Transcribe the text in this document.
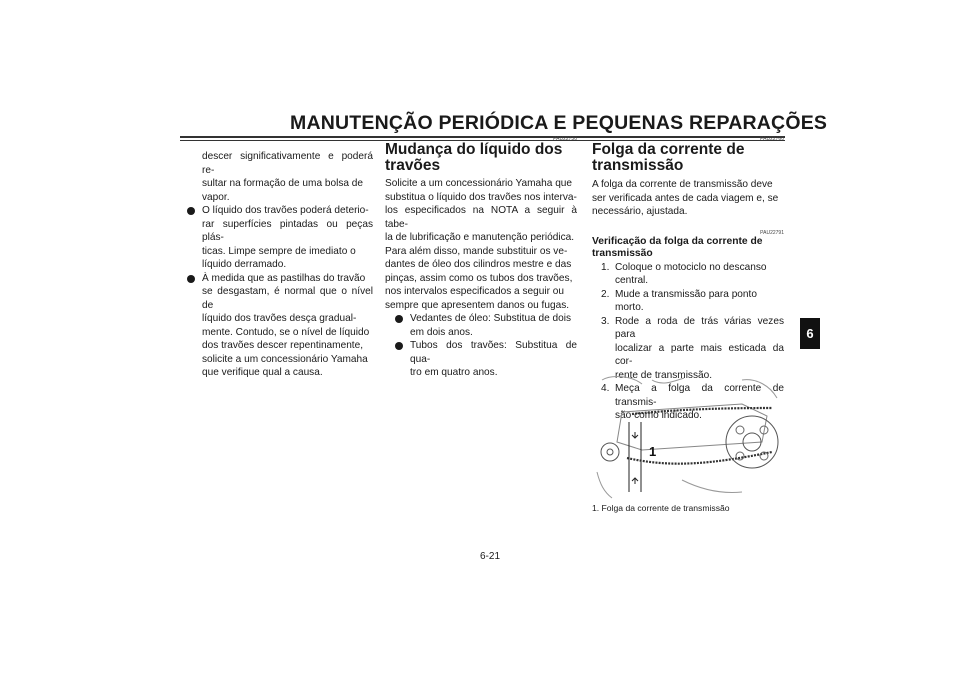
MANUTENÇÃO PERIÓDICA E PEQUENAS REPARAÇÕES
6

descer significativamente e poderá re-

sultar na formação de uma bolsa de

vapor.

O líquido dos travões poderá deterio-

rar superfícies pintadas ou peças plás-

ticas. Limpe sempre de imediato o

líquido derramado.

À medida que as pastilhas do travão

se desgastam, é normal que o nível de

líquido dos travões desça gradual-

mente. Contudo, se o nível de líquido

dos travões descer repentinamente,

solicite a um concessionário Yamaha

que verifique qual a causa.

PAU22730

Mudança do líquido dos travões

Solicite a um concessionário Yamaha que

substitua o líquido dos travões nos interva-

los especificados na NOTA a seguir à tabe-

la de lubrificação e manutenção periódica.

Para além disso, mande substituir os ve-

dantes de óleo dos cilindros mestre e das

pinças, assim como os tubos dos travões,

nos intervalos especificados a seguir ou

sempre que apresentem danos ou fugas.

Vedantes de óleo: Substitua de dois

em dois anos.

Tubos dos travões: Substitua de qua-

tro em quatro anos.

PAU22760

Folga da corrente de

transmissão

A folga da corrente de transmissão deve

ser verificada antes de cada viagem e, se

necessário, ajustada.

PAU22791

Verificação da folga da corrente de

transmissão

1. Coloque o motociclo no descanso

central.

2. Mude a transmissão para ponto morto.

3. Rode a roda de trás várias vezes para

localizar a parte mais esticada da cor-

rente de transmissão.

4. Meça a folga da corrente de transmis-

são como indicado.

1
1. Folga da corrente de transmissão
6-21
